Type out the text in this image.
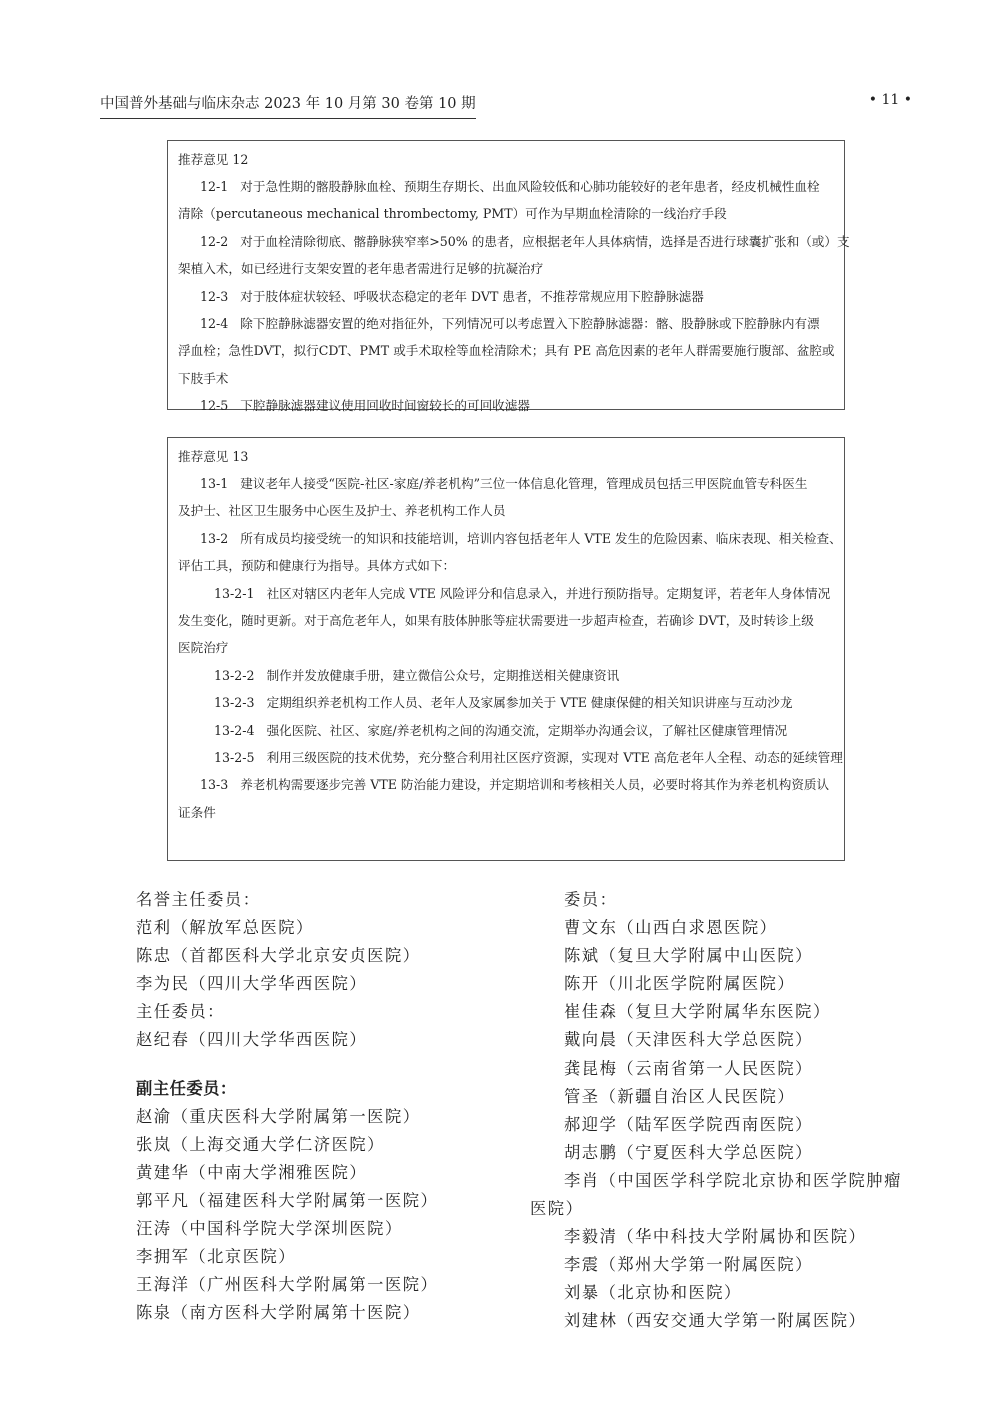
中国普外基础与临床杂志 2023 年 10 月第 30 卷第 10 期	• 11 •
推荐意见 12
12-1 对于急性期的髂股静脉血栓、预期生存期长、出血风险较低和心肺功能较好的老年患者，经皮机械性血栓
清除（percutaneous mechanical thrombectomy, PMT）可作为早期血栓清除的一线治疗手段
12-2 对于血栓清除彻底、髂静脉狭窄率>50% 的患者，应根据老年人具体病情，选择是否进行球囊扩张和（或）支
架植入术，如已经进行支架安置的老年患者需进行足够的抗凝治疗
12-3 对于肢体症状较轻、呼吸状态稳定的老年 DVT 患者，不推荐常规应用下腔静脉滤器
12-4 除下腔静脉滤器安置的绝对指征外，下列情况可以考虑置入下腔静脉滤器：髂、股静脉或下腔静脉内有漂
浮血栓；急性DVT，拟行CDT、PMT 或手术取栓等血栓清除术；具有 PE 高危因素的老年人群需要施行腹部、盆腔或
下肢手术
12-5 下腔静脉滤器建议使用回收时间窗较长的可回收滤器
推荐意见 13
13-1 建议老年人接受“医院-社区-家庭/养老机构”三位一体信息化管理，管理成员包括三甲医院血管专科医生
及护士、社区卫生服务中心医生及护士、养老机构工作人员
13-2 所有成员均接受统一的知识和技能培训，培训内容包括老年人 VTE 发生的危险因素、临床表现、相关检查、
评估工具，预防和健康行为指导。具体方式如下：
13-2-1 社区对辖区内老年人完成 VTE 风险评分和信息录入，并进行预防指导。定期复评，若老年人身体情况
发生变化，随时更新。对于高危老年人，如果有肢体肿胀等症状需要进一步超声检查，若确诊 DVT，及时转诊上级
医院治疗
13-2-2 制作并发放健康手册，建立微信公众号，定期推送相关健康资讯
13-2-3 定期组织养老机构工作人员、老年人及家属参加关于 VTE 健康保健的相关知识讲座与互动沙龙
13-2-4 强化医院、社区、家庭/养老机构之间的沟通交流，定期举办沟通会议，了解社区健康管理情况
13-2-5 利用三级医院的技术优势，充分整合利用社区医疗资源，实现对 VTE 高危老年人全程、动态的延续管理
13-3 养老机构需要逐步完善 VTE 防治能力建设，并定期培训和考核相关人员，必要时将其作为养老机构资质认
证条件
名誉主任委员：
范利（解放军总医院）
陈忠（首都医科大学北京安贞医院）
李为民（四川大学华西医院）
主任委员：
赵纪春（四川大学华西医院）
副主任委员：
赵渝（重庆医科大学附属第一医院）
张岚（上海交通大学仁济医院）
黄建华（中南大学湘雅医院）
郭平凡（福建医科大学附属第一医院）
汪涛（中国科学院大学深圳医院）
李拥军（北京医院）
王海洋（广州医科大学附属第一医院）
陈泉（南方医科大学附属第十医院）
委员：
曹文东（山西白求恩医院）
陈斌（复旦大学附属中山医院）
陈开（川北医学院附属医院）
崔佳森（复旦大学附属华东医院）
戴向晨（天津医科大学总医院）
龚昆梅（云南省第一人民医院）
管圣（新疆自治区人民医院）
郝迎学（陆军医学院西南医院）
胡志鹏（宁夏医科大学总医院）
李肖（中国医学科学院北京协和医学院肿瘤
医院）
李毅清（华中科技大学附属协和医院）
李震（郑州大学第一附属医院）
刘暴（北京协和医院）
刘建林（西安交通大学第一附属医院）
